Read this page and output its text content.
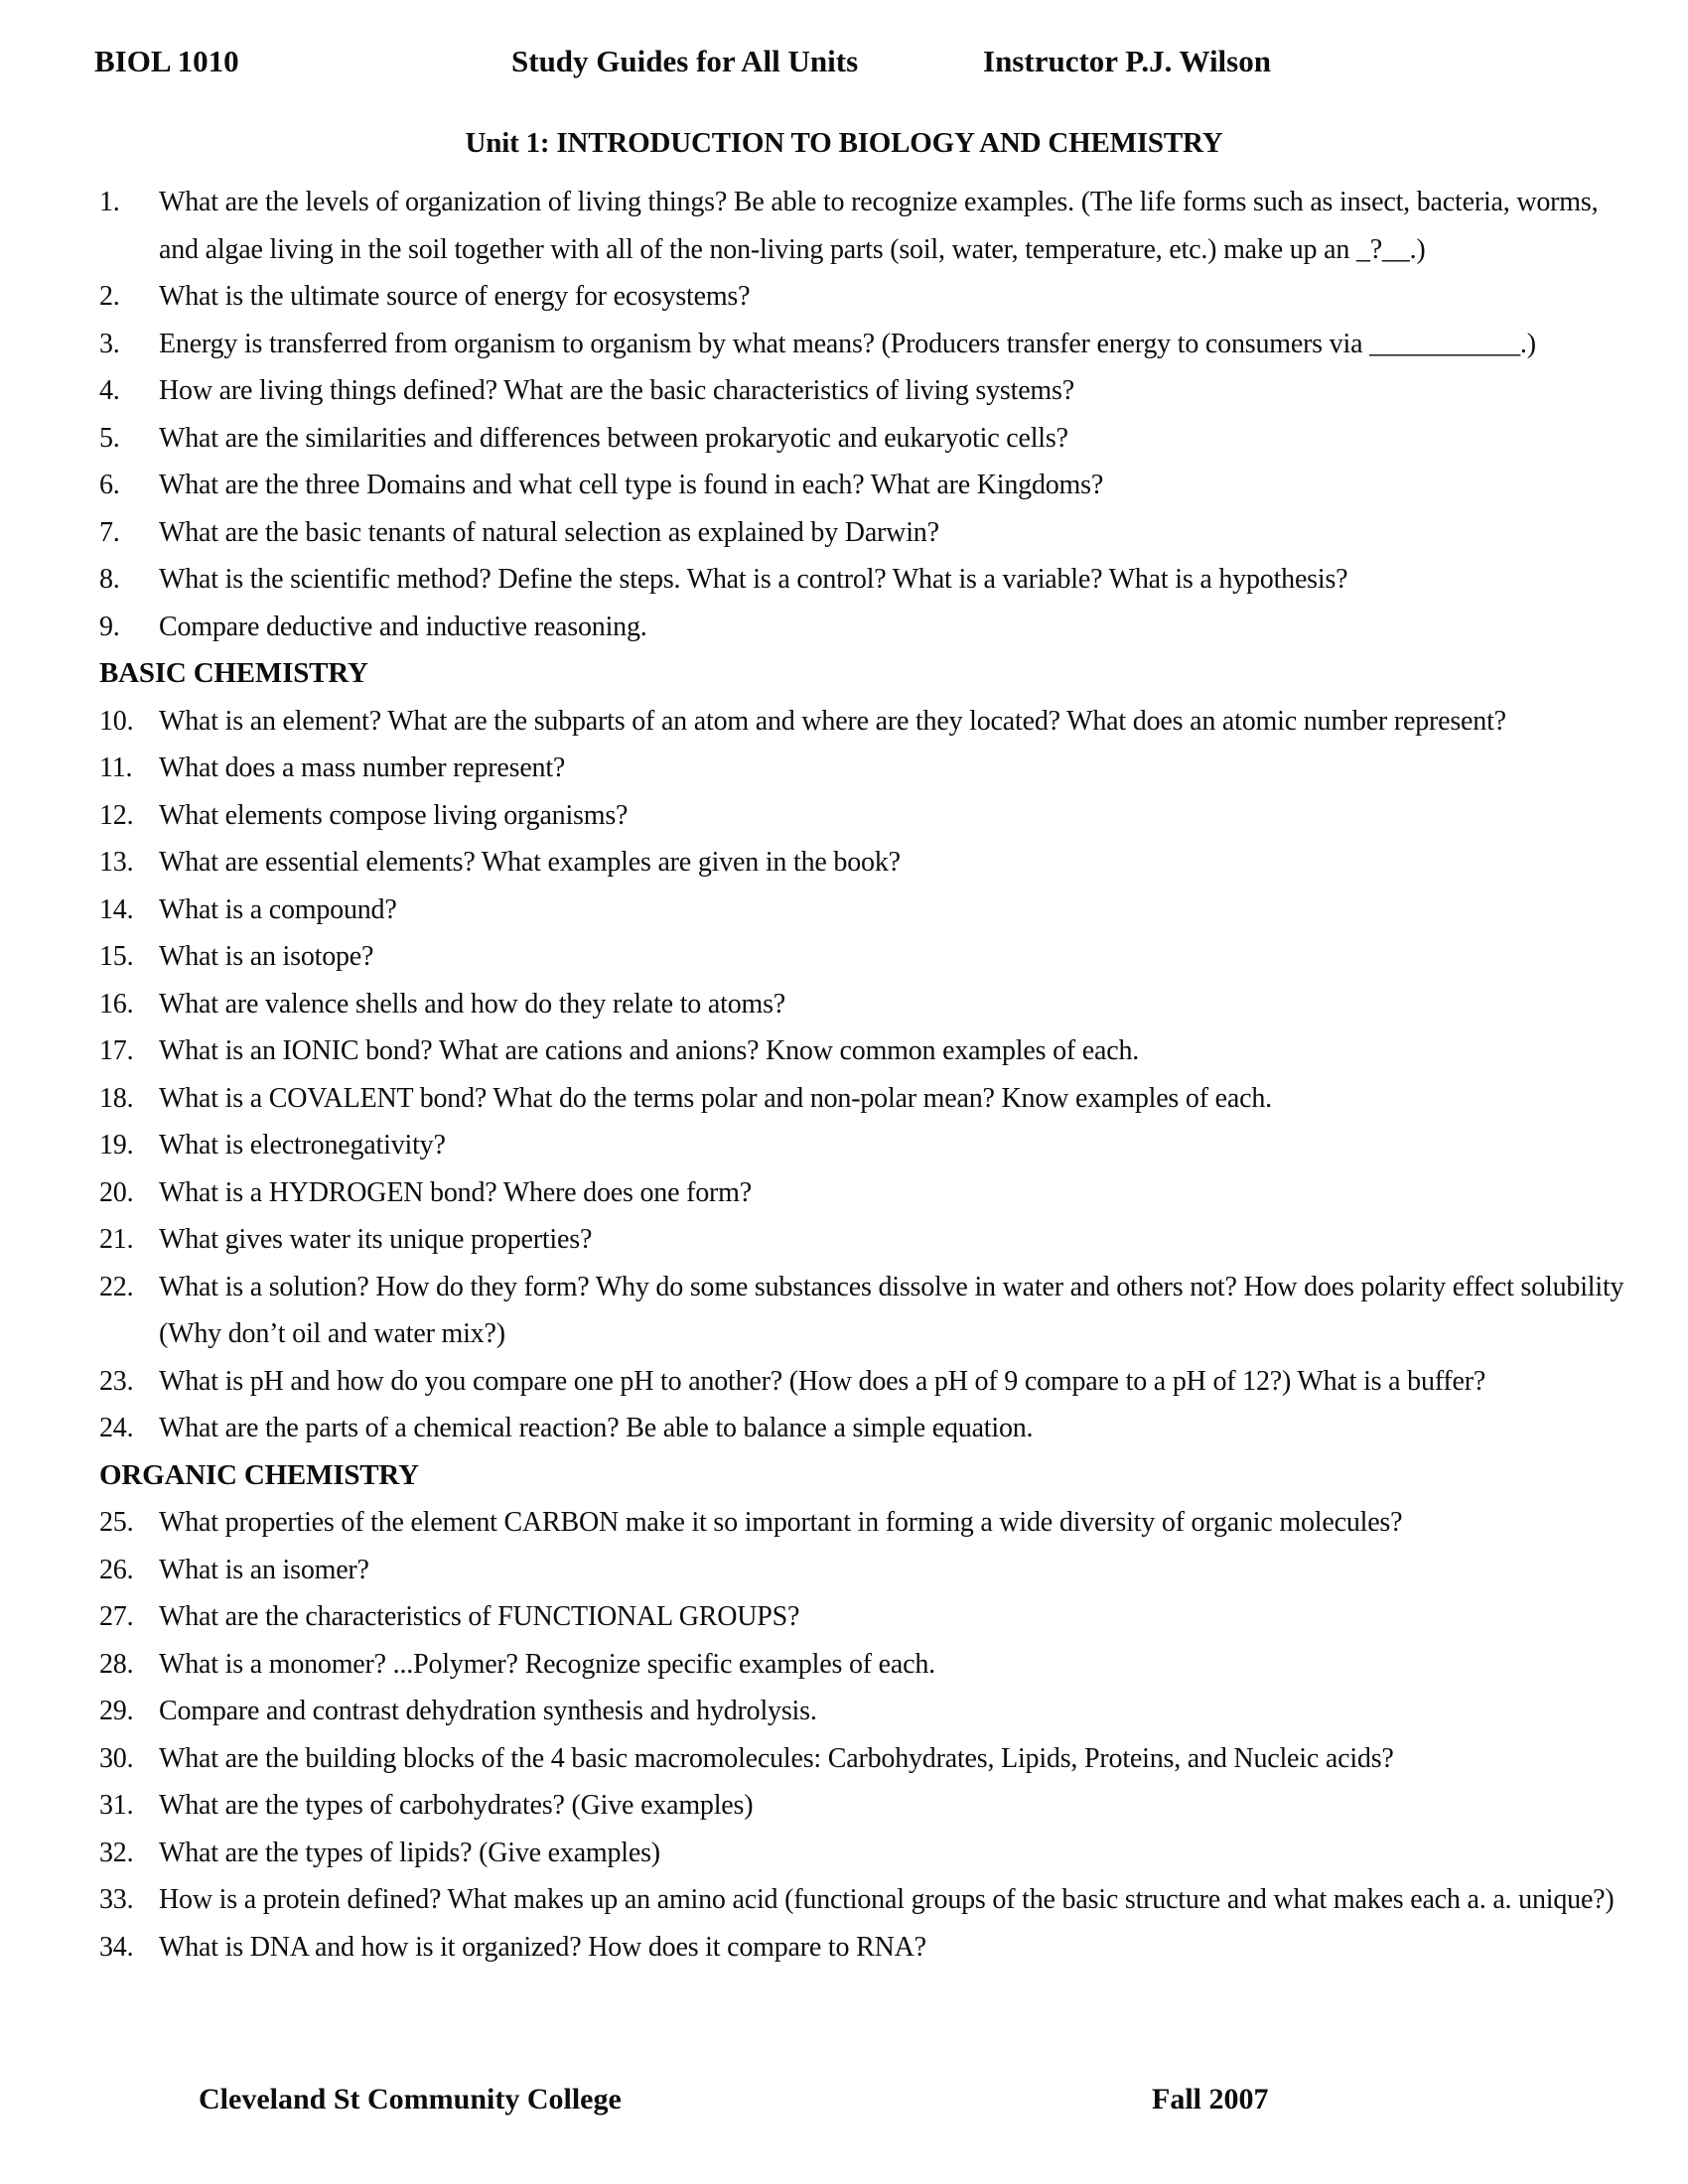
BIOL 1010	Study Guides for All Units	Instructor P.J. Wilson
Unit 1: INTRODUCTION TO BIOLOGY AND CHEMISTRY
1. What are the levels of organization of living things? Be able to recognize examples. (The life forms such as insect, bacteria, worms, and algae living in the soil together with all of the non-living parts (soil, water, temperature, etc.) make up an _?__.)
2. What is the ultimate source of energy for ecosystems?
3. Energy is transferred from organism to organism by what means? (Producers transfer energy to consumers via ___________.)
4. How are living things defined? What are the basic characteristics of living systems?
5. What are the similarities and differences between prokaryotic and eukaryotic cells?
6. What are the three Domains and what cell type is found in each? What are Kingdoms?
7. What are the basic tenants of natural selection as explained by Darwin?
8. What is the scientific method? Define the steps. What is a control? What is a variable? What is a hypothesis?
9. Compare deductive and inductive reasoning.
BASIC CHEMISTRY
10. What is an element? What are the subparts of an atom and where are they located? What does an atomic number represent?
11. What does a mass number represent?
12. What elements compose living organisms?
13. What are essential elements? What examples are given in the book?
14. What is a compound?
15. What is an isotope?
16. What are valence shells and how do they relate to atoms?
17. What is an IONIC bond? What are cations and anions? Know common examples of each.
18. What is a COVALENT bond? What do the terms polar and non-polar mean? Know examples of each.
19. What is electronegativity?
20. What is a HYDROGEN bond? Where does one form?
21. What gives water its unique properties?
22. What is a solution? How do they form? Why do some substances dissolve in water and others not? How does polarity effect solubility (Why don’t oil and water mix?)
23. What is pH and how do you compare one pH to another? (How does a pH of 9 compare to a pH of 12?) What is a buffer?
24. What are the parts of a chemical reaction? Be able to balance a simple equation.
ORGANIC CHEMISTRY
25. What properties of the element CARBON make it so important in forming a wide diversity of organic molecules?
26. What is an isomer?
27. What are the characteristics of FUNCTIONAL GROUPS?
28. What is a monomer? ...Polymer? Recognize specific examples of each.
29. Compare and contrast dehydration synthesis and hydrolysis.
30. What are the building blocks of the 4 basic macromolecules: Carbohydrates, Lipids, Proteins, and Nucleic acids?
31. What are the types of carbohydrates? (Give examples)
32. What are the types of lipids? (Give examples)
33. How is a protein defined? What makes up an amino acid (functional groups of the basic structure and what makes each a. a. unique?)
34. What is DNA and how is it organized? How does it compare to RNA?
Cleveland St Community College	Fall 2007
